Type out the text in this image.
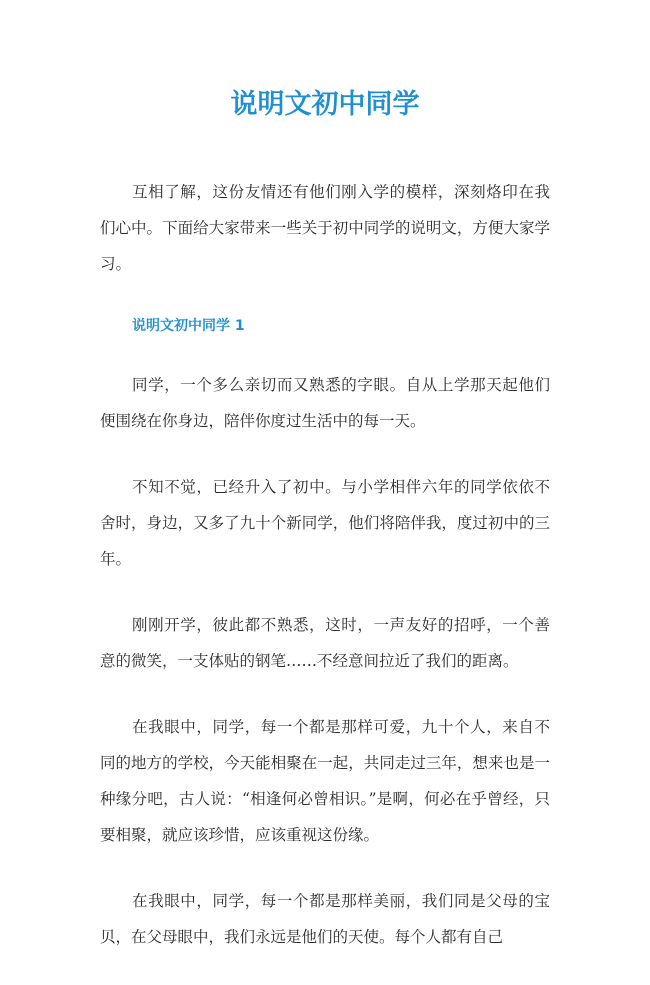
说明文初中同学

互相了解，这份友情还有他们刚入学的模样，深刻烙印在我们心中。下面给大家带来一些关于初中同学的说明文，方便大家学习。

说明文初中同学 1

同学，一个多么亲切而又熟悉的字眼。自从上学那天起他们便围绕在你身边，陪伴你度过生活中的每一天。

不知不觉，已经升入了初中。与小学相伴六年的同学依依不舍时，身边，又多了九十个新同学，他们将陪伴我，度过初中的三年。

刚刚开学，彼此都不熟悉，这时，一声友好的招呼，一个善意的微笑，一支体贴的钢笔……不经意间拉近了我们的距离。

在我眼中，同学，每一个都是那样可爱，九十个人，来自不同的地方的学校，今天能相聚在一起，共同走过三年，想来也是一种缘分吧，古人说：“相逢何必曾相识。”是啊，何必在乎曾经，只要相聚，就应该珍惜，应该重视这份缘。

在我眼中，同学，每一个都是那样美丽，我们同是父母的宝贝，在父母眼中，我们永远是他们的天使。每个人都有自己
